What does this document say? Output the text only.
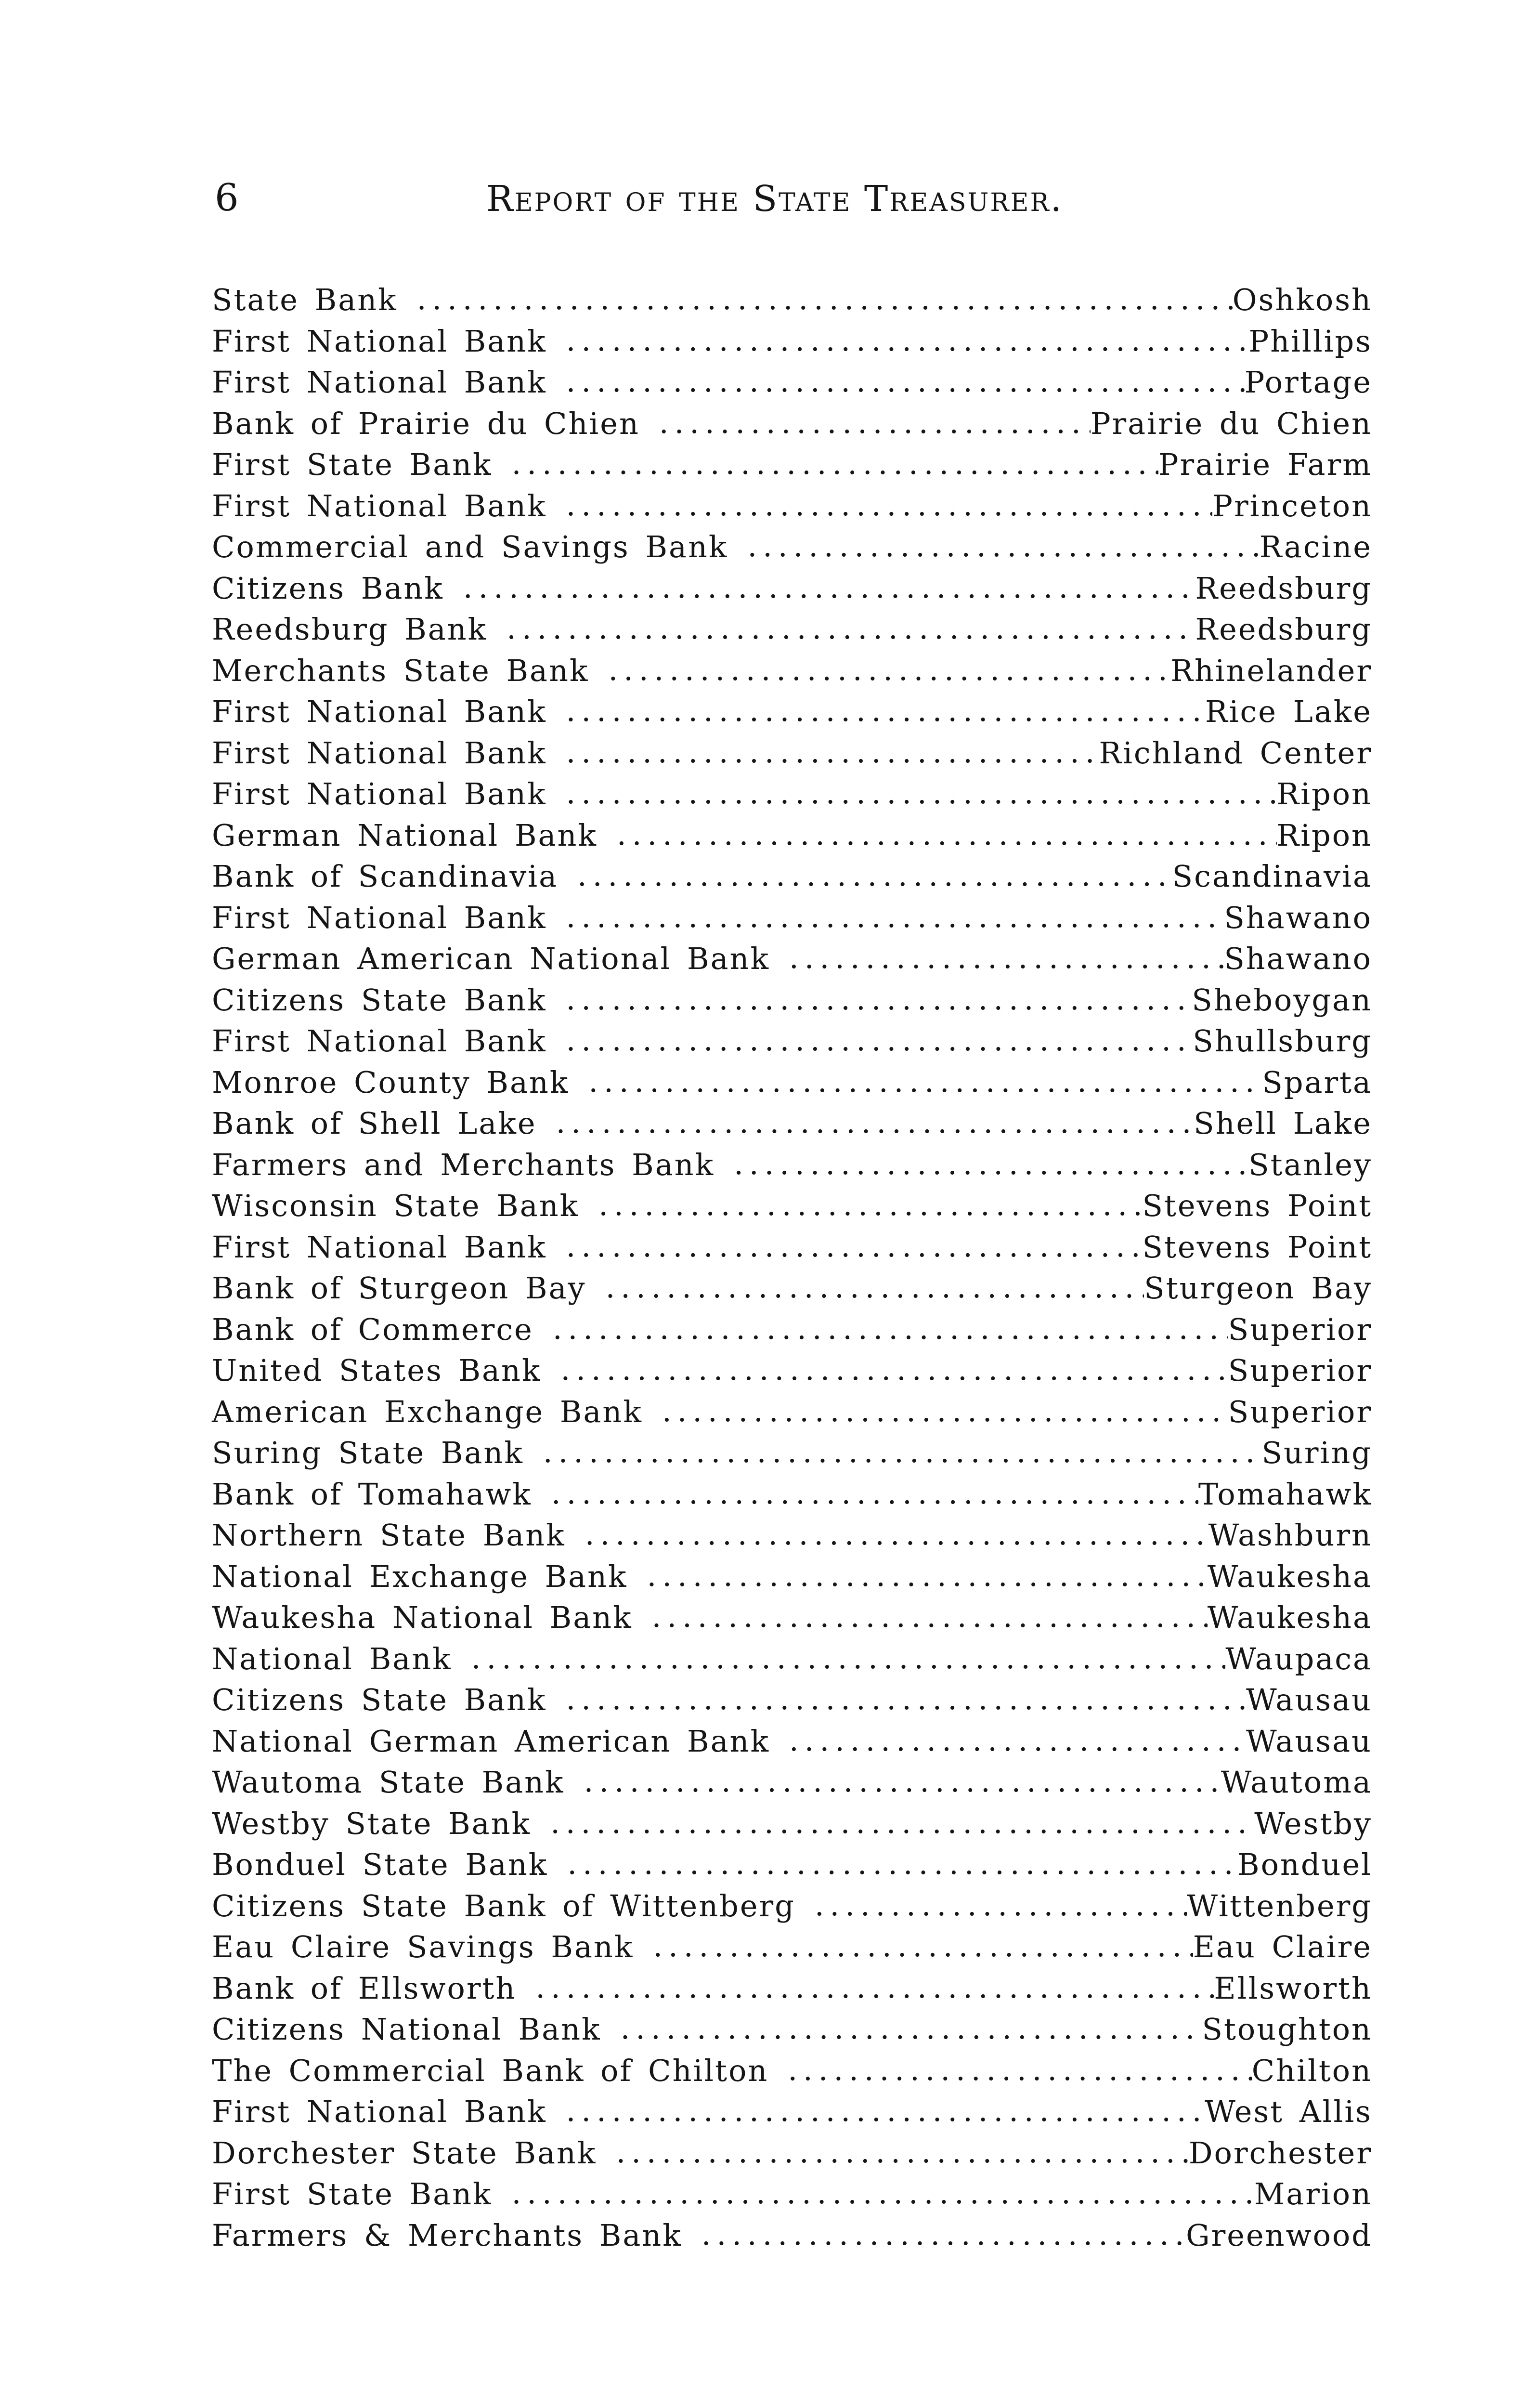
6	Report of the State Treasurer.
State Bank .....	Oshkosh
First National Bank .....	Phillips
First National Bank .....	Portage
Bank of Prairie du Chien .....	Prairie du Chien
First State Bank .....	Prairie Farm
First National Bank .....	Princeton
Commercial and Savings Bank .....	Racine
Citizens Bank .....	Reedsburg
Reedsburg Bank .....	Reedsburg
Merchants State Bank .....	Rhinelander
First National Bank .....	Rice Lake
First National Bank .....	Richland Center
First National Bank .....	Ripon
German National Bank .....	Ripon
Bank of Scandinavia .....	Scandinavia
First National Bank .....	Shawano
German American National Bank .....	Shawano
Citizens State Bank .....	Sheboygan
First National Bank .....	Shullsburg
Monroe County Bank .....	Sparta
Bank of Shell Lake .....	Shell Lake
Farmers and Merchants Bank .....	Stanley
Wisconsin State Bank .....	Stevens Point
First National Bank .....	Stevens Point
Bank of Sturgeon Bay .....	Sturgeon Bay
Bank of Commerce .....	Superior
United States Bank .....	Superior
American Exchange Bank .....	Superior
Suring State Bank .....	Suring
Bank of Tomahawk .....	Tomahawk
Northern State Bank .....	Washburn
National Exchange Bank .....	Waukesha
Waukesha National Bank .....	Waukesha
National Bank .....	Waupaca
Citizens State Bank .....	Wausau
National German American Bank .....	Wausau
Wautoma State Bank .....	Wautoma
Westby State Bank .....	Westby
Bonduel State Bank .....	Bonduel
Citizens State Bank of Wittenberg .....	Wittenberg
Eau Claire Savings Bank .....	Eau Claire
Bank of Ellsworth .....	Ellsworth
Citizens National Bank .....	Stoughton
The Commercial Bank of Chilton .....	Chilton
First National Bank .....	West Allis
Dorchester State Bank .....	Dorchester
First State Bank .....	Marion
Farmers & Merchants Bank .....	Greenwood
